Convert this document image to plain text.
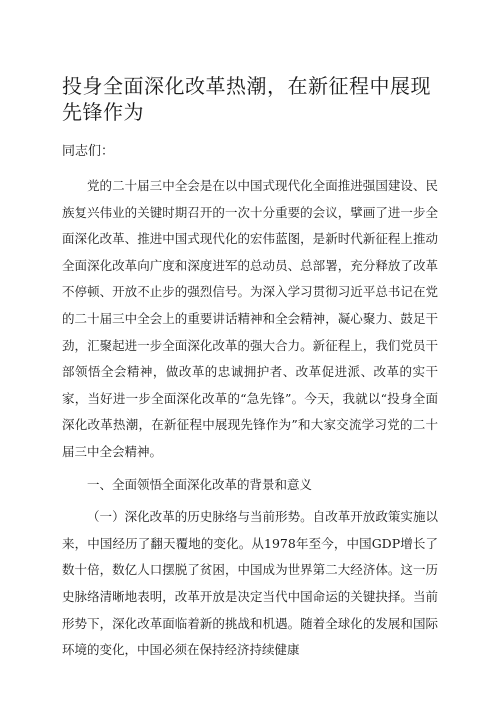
投身全面深化改革热潮，在新征程中展现先锋作为

同志们：

党的二十届三中全会是在以中国式现代化全面推进强国建设、民族复兴伟业的关键时期召开的一次十分重要的会议，擘画了进一步全面深化改革、推进中国式现代化的宏伟蓝图，是新时代新征程上推动全面深化改革向广度和深度进军的总动员、总部署，充分释放了改革不停顿、开放不止步的强烈信号。为深入学习贯彻习近平总书记在党的二十届三中全会上的重要讲话精神和全会精神，凝心聚力、鼓足干劲，汇聚起进一步全面深化改革的强大合力。新征程上，我们党员干部领悟全会精神，做改革的忠诚拥护者、改革促进派、改革的实干家，当好进一步全面深化改革的“急先锋”。今天，我就以“投身全面深化改革热潮，在新征程中展现先锋作为”和大家交流学习党的二十届三中全会精神。

一、全面领悟全面深化改革的背景和意义

（一）深化改革的历史脉络与当前形势。自改革开放政策实施以来，中国经历了翻天覆地的变化。从1978年至今，中国GDP增长了数十倍，数亿人口摆脱了贫困，中国成为世界第二大经济体。这一历史脉络清晰地表明，改革开放是决定当代中国命运的关键抉择。当前形势下，深化改革面临着新的挑战和机遇。随着全球化的发展和国际环境的变化，中国必须在保持经济持续健康
